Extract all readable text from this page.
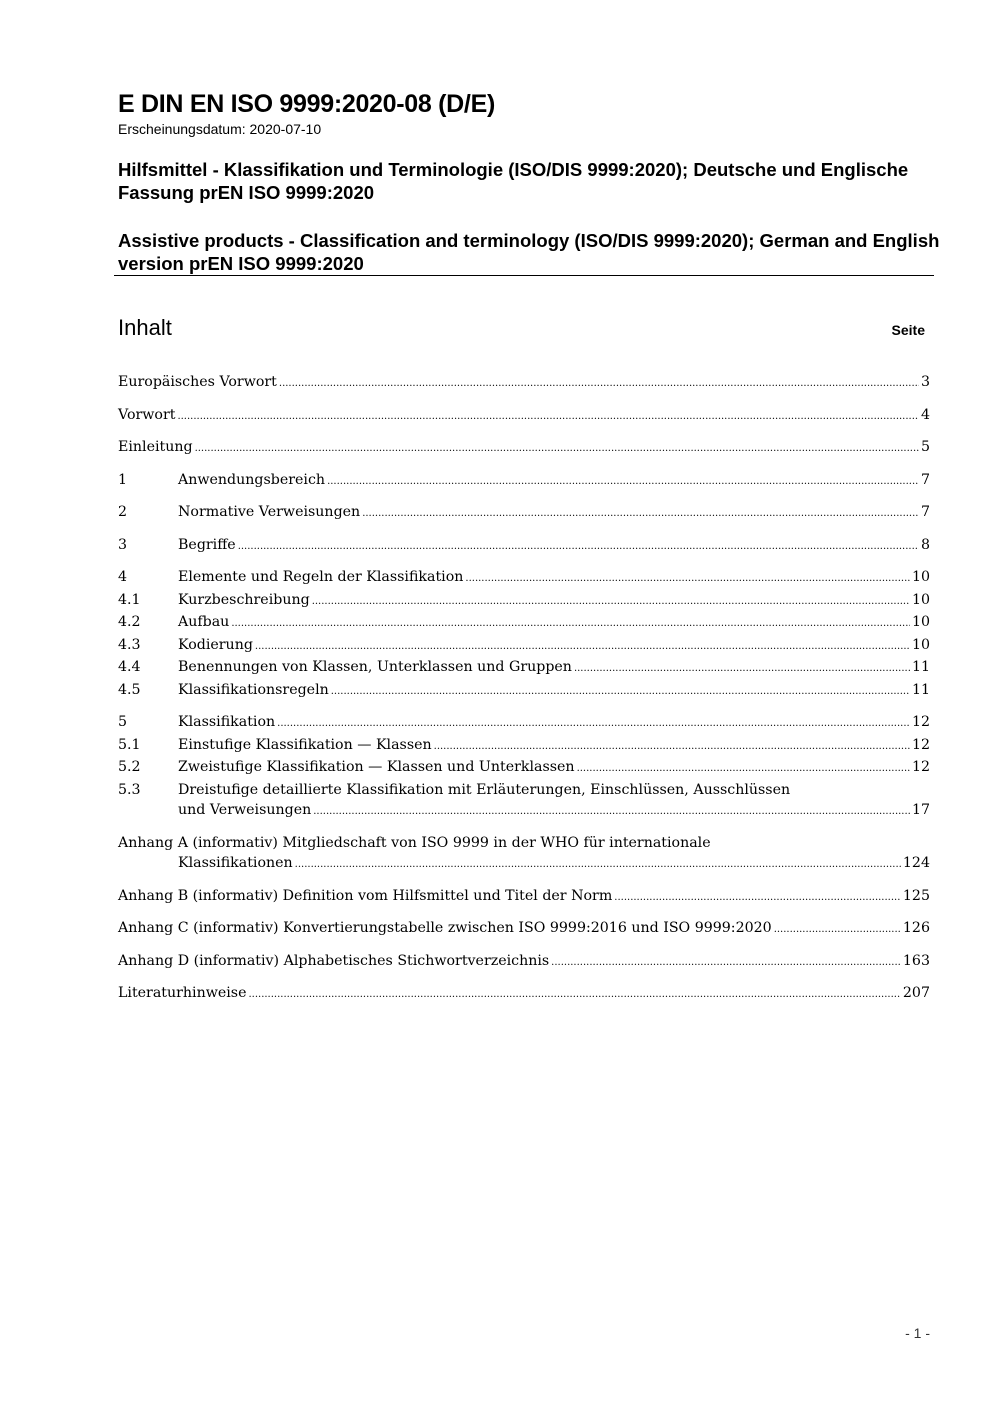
E DIN EN ISO 9999:2020-08 (D/E)
Erscheinungsdatum: 2020-07-10
Hilfsmittel - Klassifikation und Terminologie (ISO/DIS 9999:2020); Deutsche und Englische Fassung prEN ISO 9999:2020
Assistive products - Classification and terminology (ISO/DIS 9999:2020); German and English version prEN ISO 9999:2020
Inhalt	Seite
Europäisches Vorwort .....	3
Vorwort .....	4
Einleitung .....	5
1	Anwendungsbereich .....	7
2	Normative Verweisungen .....	7
3	Begriffe .....	8
4	Elemente und Regeln der Klassifikation .....	10
4.1	Kurzbeschreibung .....	10
4.2	Aufbau .....	10
4.3	Kodierung .....	10
4.4	Benennungen von Klassen, Unterklassen und Gruppen .....	11
4.5	Klassifikationsregeln .....	11
5	Klassifikation .....	12
5.1	Einstufige Klassifikation — Klassen .....	12
5.2	Zweistufige Klassifikation — Klassen und Unterklassen .....	12
5.3	Dreistufige detaillierte Klassifikation mit Erläuterungen, Einschlüssen, Ausschlüssen
und Verweisungen .....	17
Anhang A (informativ) Mitgliedschaft von ISO 9999 in der WHO für internationale
Klassifikationen .....	124
Anhang B (informativ) Definition vom Hilfsmittel und Titel der Norm .....	125
Anhang C (informativ) Konvertierungstabelle zwischen ISO 9999:2016 und ISO 9999:2020 .....	126
Anhang D (informativ) Alphabetisches Stichwortverzeichnis .....	163
Literaturhinweise .....	207
- 1 -
